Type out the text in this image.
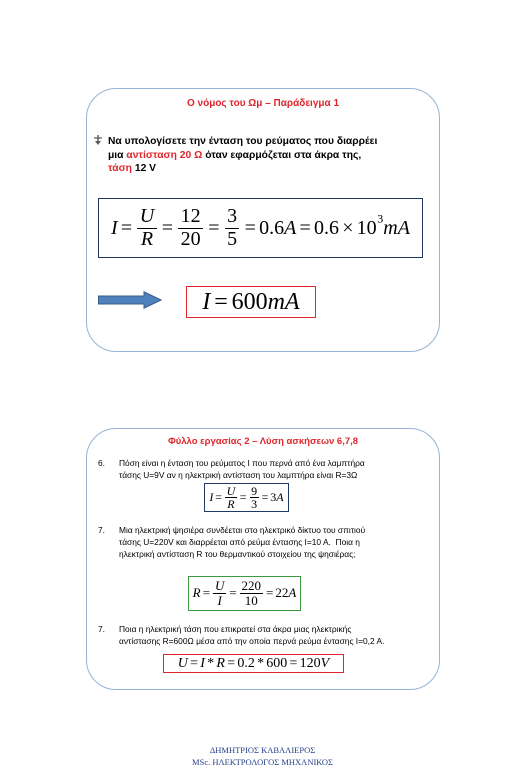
Ο νόμος του Ωμ – Παράδειγμα 1
Να υπολογίσετε την ένταση του ρεύματος που διαρρέει
μια αντίσταση 20 Ω όταν εφαρμόζεται στα άκρα της,
τάση 12 V
$I = \frac{U}{R} = \frac{12}{20} = \frac{3}{5} = 0.6$ A = 0.6 × 10 3 mA
I = 600 mA
Φύλλο εργασίας 2 – Λύση ασκήσεων 6,7,8
6. Πόση είναι η ένταση του ρεύματος I που περνά από ένα λαμπτήρα
τάσης U=9V αν η ηλεκτρική αντίσταση του λαμπτήρα είναι R=3Ω
$I = \frac{U}{R} = \frac{9}{3} = 3$ A
7. Μια ηλεκτρική ψησιέρα συνδέεται στο ηλεκτρικό δίκτυο του σπιτιού
τάσης U=220V και διαρρέεται από ρεύμα έντασης I=10 A.  Ποια η
ηλεκτρική αντίσταση R του θερμαντικού στοιχείου της ψησιέρας;
$R = \frac{U}{I} = \frac{220}{10} = 22$ A
7. Ποια η ηλεκτρική τάση που επικρατεί στα άκρα μιας ηλεκτρικής
αντίστασης R=600Ω μέσα από την οποία περνά ρεύμα έντασης I=0,2 A.
U = I * R = 0.2 * 600 = 120 V
ΔΗΜΗΤΡΙΟΣ ΚΑΒΑΛΙΕΡΟΣ
MSc. ΗΛΕΚΤΡΟΛΟΓΟΣ ΜΗΧΑΝΙΚΟΣ
